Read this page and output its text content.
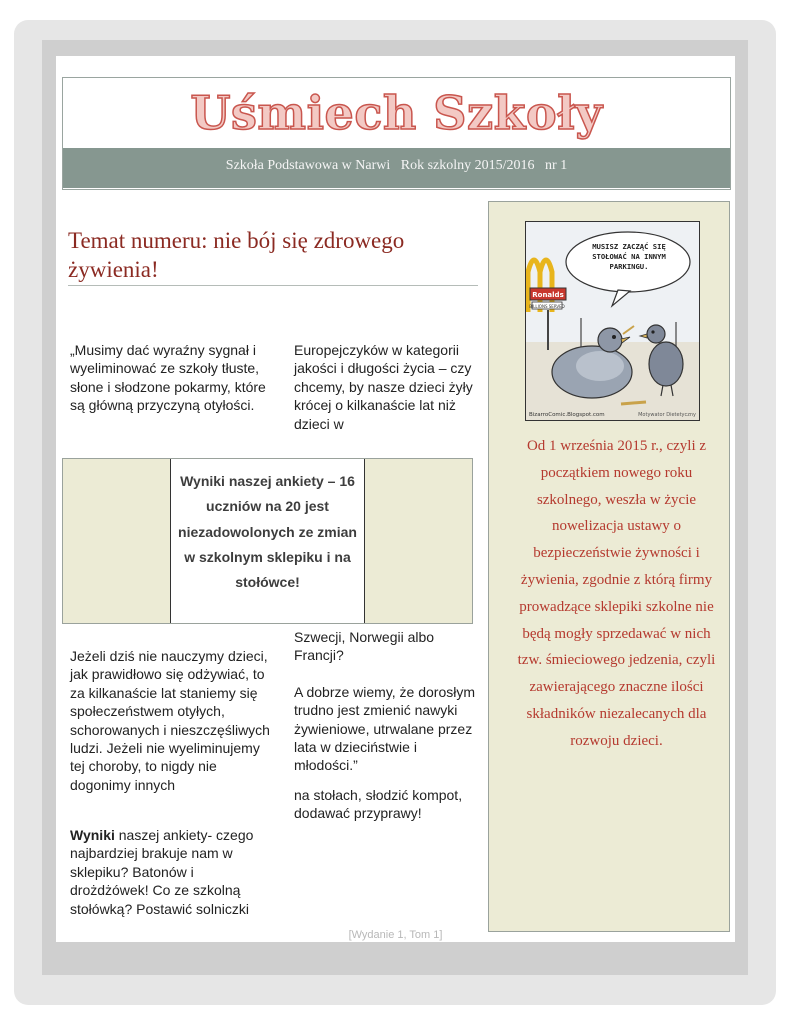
Uśmiech Szkoły
Szkoła Podstawowa w Narwi   Rok szkolny 2015/2016   nr 1
Temat numeru: nie bój się zdrowego żywienia!

„Musimy dać wyraźny sygnał i wyeliminować ze szkoły tłuste, słone i słodzone pokarmy, które są główną przyczyną otyłości.

Europejczyków w kategorii jakości i długości życia – czy chcemy, by nasze dzieci żyły krócej o kilkanaście lat niż dzieci w

Wyniki naszej ankiety – 16 uczniów na 20 jest niezadowolonych ze zmian w szkolnym sklepiku i na stołówce!

Jeżeli dziś nie nauczymy dzieci, jak prawidłowo się odżywiać, to za kilkanaście lat staniemy się społeczeństwem otyłych, schorowanych i nieszczęśliwych ludzi. Jeżeli nie wyeliminujemy tej choroby, to nigdy nie dogonimy innych

Wyniki naszej ankiety- czego najbardziej brakuje nam w sklepiku? Batonów i drożdżówek! Co ze szkolną stołówką? Postawić solniczki

Szwecji, Norwegii albo Francji?

A dobrze wiemy, że dorosłym trudno jest zmienić nawyki żywieniowe, utrwalane przez lata w dzieciństwie i młodości.”

na stołach, słodzić kompot, dodawać przyprawy!

Ronalds
BILLIONS SERVED
MUSISZ ZACZĄĆ SIĘ STOŁOWAĆ NA INNYM PARKINGU.
BizarroComic.Blogspot.com	Motywator Dietetyczny
Od 1 września 2015 r., czyli z początkiem nowego roku szkolnego, weszła w życie nowelizacja ustawy o bezpieczeństwie żywności i żywienia, zgodnie z którą firmy prowadzące sklepiki szkolne nie będą mogły sprzedawać w nich tzw. śmieciowego jedzenia, czyli zawierającego znaczne ilości składników niezalecanych dla rozwoju dzieci.
[Wydanie 1, Tom 1]
